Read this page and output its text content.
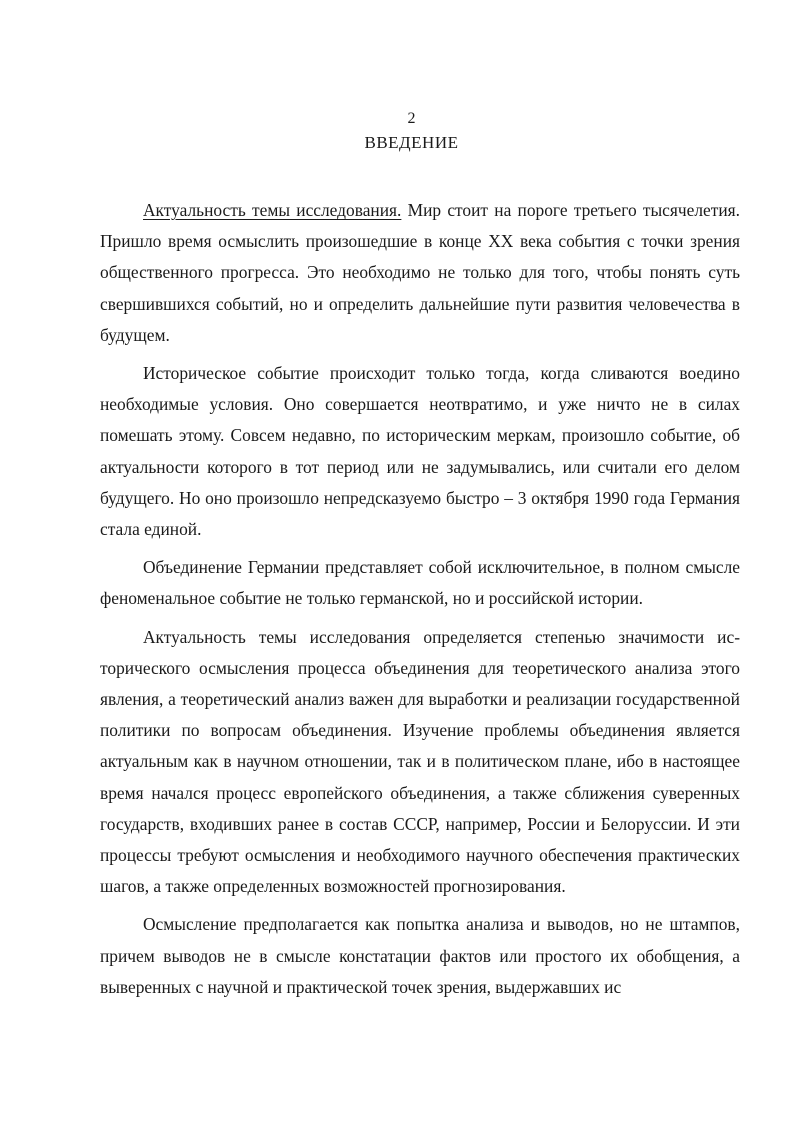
2
ВВЕДЕНИЕ

Актуальность темы исследования. Мир стоит на пороге третьего тысячелетия. Пришло время осмыслить произошедшие в конце XX века события с точки зрения общественного прогресса. Это необходимо не только для того, чтобы понять суть свершившихся событий, но и определить дальнейшие пути развития человечества в будущем.

Историческое событие происходит только тогда, когда сливаются воедино необходимые условия. Оно совершается неотвратимо, и уже ничто не в силах помешать этому. Совсем недавно, по историческим меркам, произошло событие, об актуальности которого в тот период или не задумывались, или считали его делом будущего. Но оно произошло непредсказуемо быстро – 3 октября 1990 года Германия стала единой.

Объединение Германии представляет собой исключительное, в полном смысле феноменальное событие не только германской, но и российской истории.

Актуальность темы исследования определяется степенью значимости исторического осмысления процесса объединения для теоретического анализа этого явления, а теоретический анализ важен для выработки и реализации государственной политики по вопросам объединения. Изучение проблемы объединения является актуальным как в научном отношении, так и в политическом плане, ибо в настоящее время начался процесс европейского объединения, а также сближения суверенных государств, входивших ранее в состав СССР, например, России и Белоруссии. И эти процессы требуют осмысления и необходимого научного обеспечения практических шагов, а также определенных возможностей прогнозирования.

Осмысление предполагается как попытка анализа и выводов, но не штампов, причем выводов не в смысле констатации фактов или простого их обобщения, а выверенных с научной и практической точек зрения, выдержавших ис
